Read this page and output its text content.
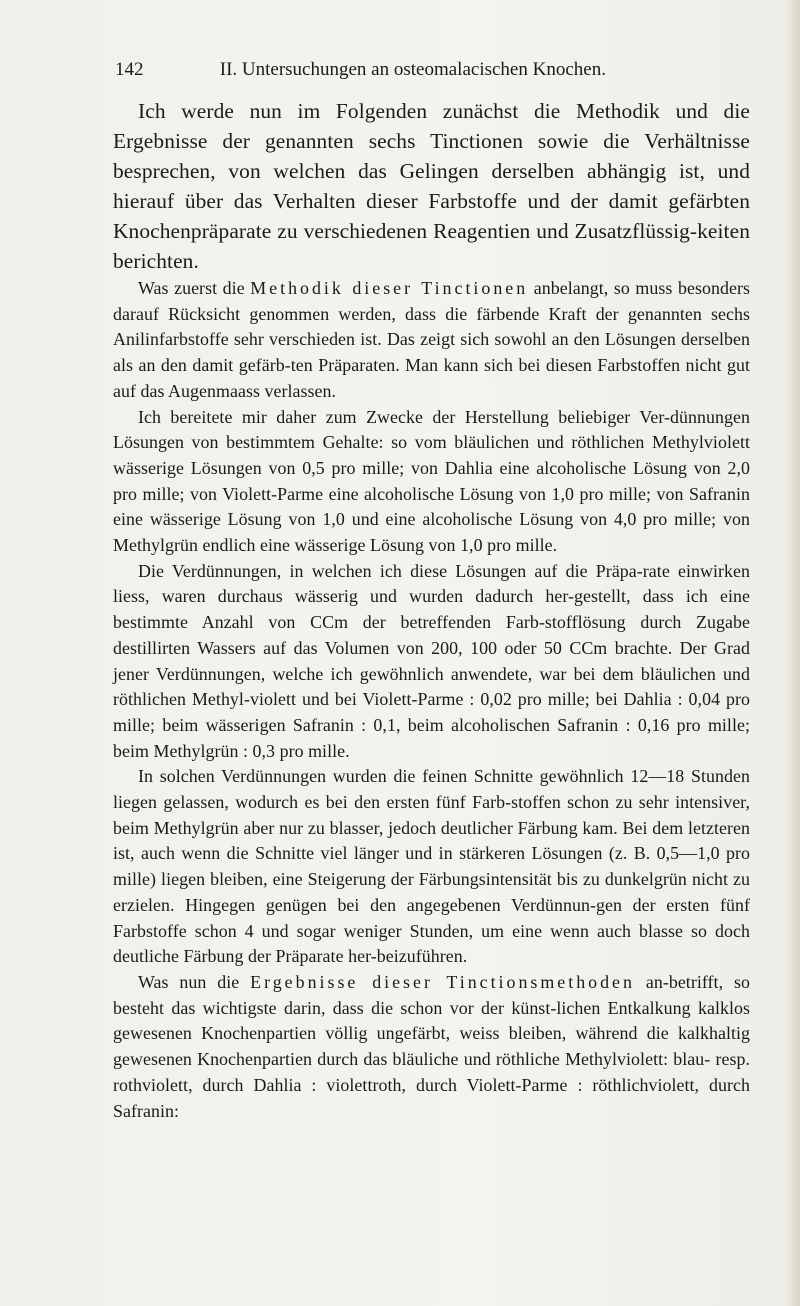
142	II. Untersuchungen an osteomalacischen Knochen.

Ich werde nun im Folgenden zunächst die Methodik und die Ergebnisse der genannten sechs Tinctionen sowie die Verhältnisse besprechen, von welchen das Gelingen derselben abhängig ist, und hierauf über das Verhalten dieser Farbstoffe und der damit gefärbten Knochenpräparate zu verschiedenen Reagentien und Zusatzflüssig-keiten berichten.

Was zuerst die Methodik dieser Tinctionen anbelangt, so muss besonders darauf Rücksicht genommen werden, dass die färbende Kraft der genannten sechs Anilinfarbstoffe sehr verschieden ist. Das zeigt sich sowohl an den Lösungen derselben als an den damit gefärb-ten Präparaten. Man kann sich bei diesen Farbstoffen nicht gut auf das Augenmaass verlassen.

Ich bereitete mir daher zum Zwecke der Herstellung beliebiger Ver-dünnungen Lösungen von bestimmtem Gehalte: so vom bläulichen und röthlichen Methylviolett wässerige Lösungen von 0,5 pro mille; von Dahlia eine alcoholische Lösung von 2,0 pro mille; von Violett-Parme eine alcoholische Lösung von 1,0 pro mille; von Safranin eine wässerige Lösung von 1,0 und eine alcoholische Lösung von 4,0 pro mille; von Methylgrün endlich eine wässerige Lösung von 1,0 pro mille.

Die Verdünnungen, in welchen ich diese Lösungen auf die Präpa-rate einwirken liess, waren durchaus wässerig und wurden dadurch her-gestellt, dass ich eine bestimmte Anzahl von CCm der betreffenden Farb-stofflösung durch Zugabe destillirten Wassers auf das Volumen von 200, 100 oder 50 CCm brachte. Der Grad jener Verdünnungen, welche ich gewöhnlich anwendete, war bei dem bläulichen und röthlichen Methyl-violett und bei Violett-Parme : 0,02 pro mille; bei Dahlia : 0,04 pro mille; beim wässerigen Safranin : 0,1, beim alcoholischen Safranin : 0,16 pro mille; beim Methylgrün : 0,3 pro mille.

In solchen Verdünnungen wurden die feinen Schnitte gewöhnlich 12—18 Stunden liegen gelassen, wodurch es bei den ersten fünf Farb-stoffen schon zu sehr intensiver, beim Methylgrün aber nur zu blasser, jedoch deutlicher Färbung kam. Bei dem letzteren ist, auch wenn die Schnitte viel länger und in stärkeren Lösungen (z. B. 0,5—1,0 pro mille) liegen bleiben, eine Steigerung der Färbungsintensität bis zu dunkelgrün nicht zu erzielen. Hingegen genügen bei den angegebenen Verdünnun-gen der ersten fünf Farbstoffe schon 4 und sogar weniger Stunden, um eine wenn auch blasse so doch deutliche Färbung der Präparate her-beizuführen.

Was nun die Ergebnisse dieser Tinctionsmethoden an-betrifft, so besteht das wichtigste darin, dass die schon vor der künst-lichen Entkalkung kalklos gewesenen Knochenpartien völlig ungefärbt, weiss bleiben, während die kalkhaltig gewesenen Knochenpartien durch das bläuliche und röthliche Methylviolett: blau- resp. rothviolett, durch Dahlia : violettroth, durch Violett-Parme : röthlichviolett, durch Safranin:
